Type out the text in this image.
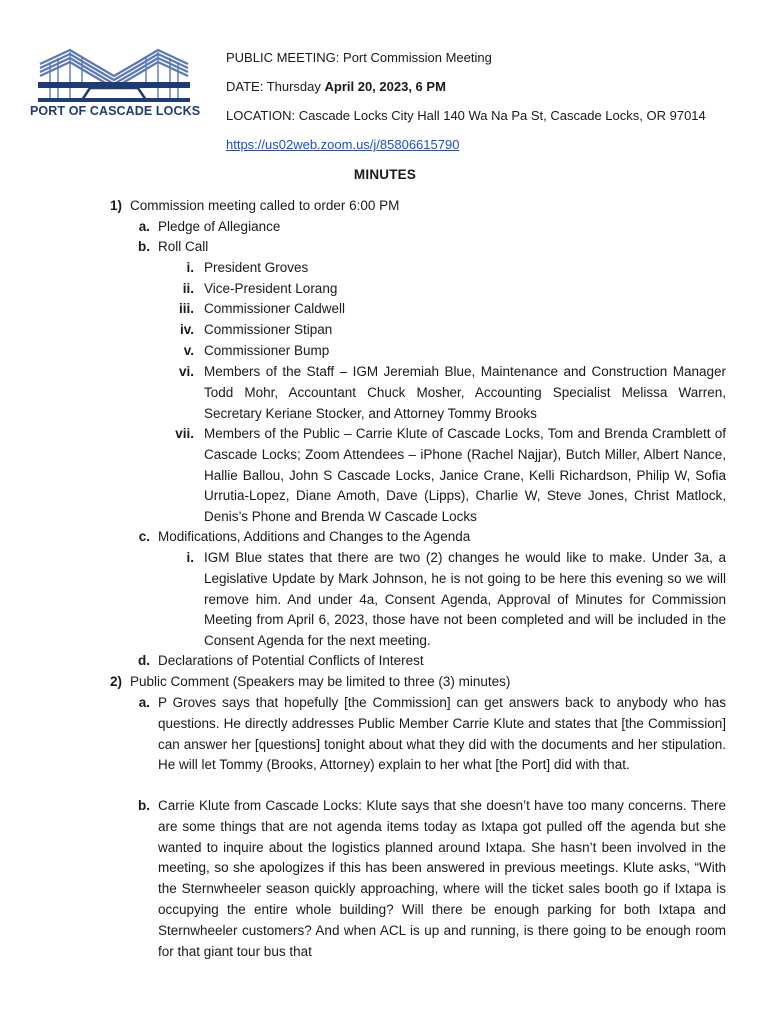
PORT OF CASCADE LOCKS
PUBLIC MEETING: Port Commission Meeting
DATE: Thursday April 20, 2023, 6 PM
LOCATION: Cascade Locks City Hall 140 Wa Na Pa St, Cascade Locks, OR 97014
https://us02web.zoom.us/j/85806615790
MINUTES
1) Commission meeting called to order 6:00 PM
a. Pledge of Allegiance
b. Roll Call
i. President Groves
ii. Vice-President Lorang
iii. Commissioner Caldwell
iv. Commissioner Stipan
v. Commissioner Bump
vi. Members of the Staff – IGM Jeremiah Blue, Maintenance and Construction Manager Todd Mohr, Accountant Chuck Mosher, Accounting Specialist Melissa Warren, Secretary Keriane Stocker, and Attorney Tommy Brooks
vii. Members of the Public – Carrie Klute of Cascade Locks, Tom and Brenda Cramblett of Cascade Locks; Zoom Attendees – iPhone (Rachel Najjar), Butch Miller, Albert Nance, Hallie Ballou, John S Cascade Locks, Janice Crane, Kelli Richardson, Philip W, Sofia Urrutia-Lopez, Diane Amoth, Dave (Lipps), Charlie W, Steve Jones, Christ Matlock, Denis’s Phone and Brenda W Cascade Locks
c. Modifications, Additions and Changes to the Agenda
i. IGM Blue states that there are two (2) changes he would like to make. Under 3a, a Legislative Update by Mark Johnson, he is not going to be here this evening so we will remove him. And under 4a, Consent Agenda, Approval of Minutes for Commission Meeting from April 6, 2023, those have not been completed and will be included in the Consent Agenda for the next meeting.
d. Declarations of Potential Conflicts of Interest
2) Public Comment (Speakers may be limited to three (3) minutes)
a. P Groves says that hopefully [the Commission] can get answers back to anybody who has questions. He directly addresses Public Member Carrie Klute and states that [the Commission] can answer her [questions] tonight about what they did with the documents and her stipulation. He will let Tommy (Brooks, Attorney) explain to her what [the Port] did with that.
b. Carrie Klute from Cascade Locks: Klute says that she doesn’t have too many concerns. There are some things that are not agenda items today as Ixtapa got pulled off the agenda but she wanted to inquire about the logistics planned around Ixtapa. She hasn’t been involved in the meeting, so she apologizes if this has been answered in previous meetings. Klute asks, “With the Sternwheeler season quickly approaching, where will the ticket sales booth go if Ixtapa is occupying the entire whole building? Will there be enough parking for both Ixtapa and Sternwheeler customers? And when ACL is up and running, is there going to be enough room for that giant tour bus that
